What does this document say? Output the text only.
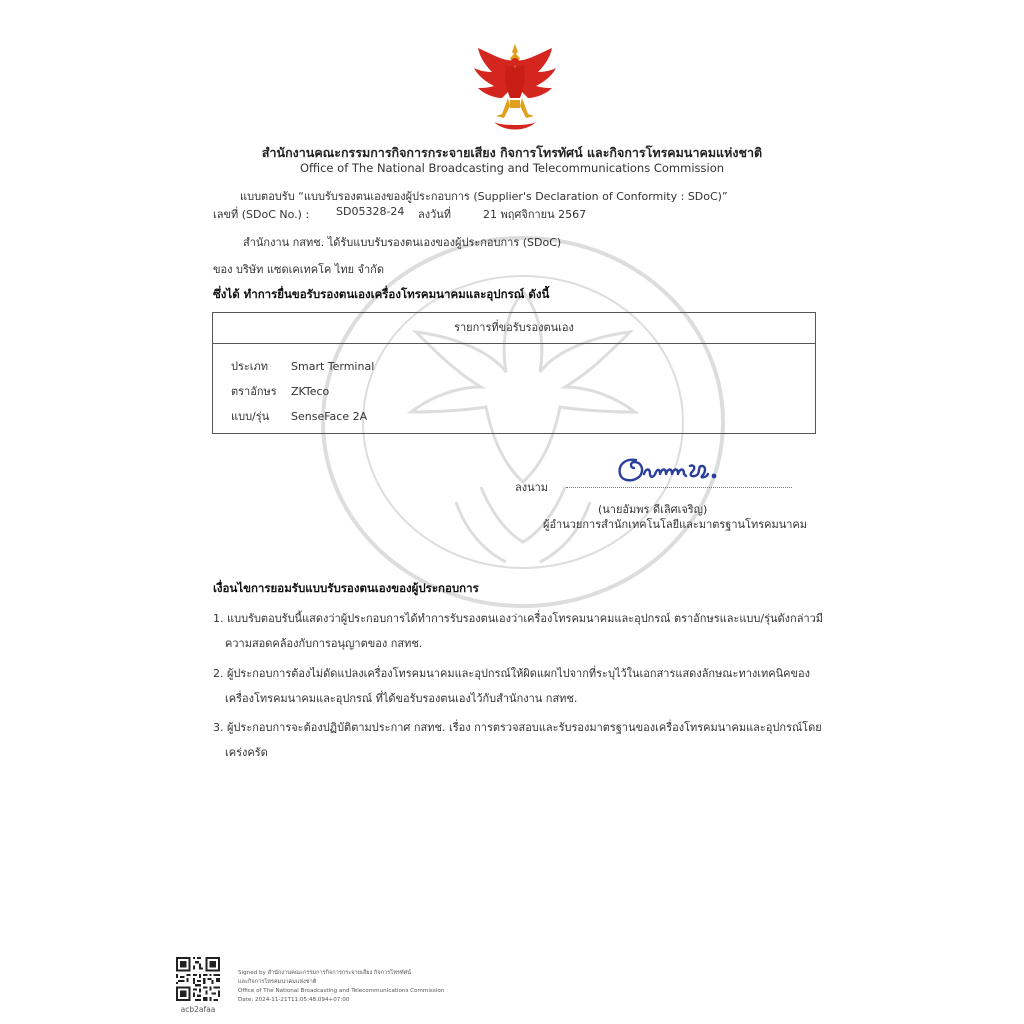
สำนักงานคณะกรรมการกิจการกระจายเสียง กิจการโทรทัศน์ และกิจการโทรคมนาคมแห่งชาติ
Office of The National Broadcasting and Telecommunications Commission
แบบตอบรับ “แบบรับรองตนเองของผู้ประกอบการ (Supplier's Declaration of Conformity : SDoC)”
เลขที่ (SDoC No.) : SD05328-24 ลงวันที่	21 พฤศจิกายน 2567
สำนักงาน กสทช. ได้รับแบบรับรองตนเองของผู้ประกอบการ (SDoC)
ของ บริษัท แซดเคเทคโค ไทย จำกัด
ซึ่งได้ ทำการยื่นขอรับรองตนเองเครื่องโทรคมนาคมและอุปกรณ์ ดังนี้
รายการที่ขอรับรองตนเอง
ประเภท Smart Terminal
ตราอักษร ZKTeco
แบบ/รุ่น SenseFace 2A
ลงนาม
(นายอัมพร ดีเลิศเจริญ)
ผู้อำนวยการสำนักเทคโนโลยีและมาตรฐานโทรคมนาคม
เงื่อนไขการยอมรับแบบรับรองตนเองของผู้ประกอบการ
1. แบบรับตอบรับนี้แสดงว่าผู้ประกอบการได้ทำการรับรองตนเองว่าเครื่องโทรคมนาคมและอุปกรณ์ ตราอักษรและแบบ/รุ่นดังกล่าวมี
ความสอดคล้องกับการอนุญาตของ กสทช.
2. ผู้ประกอบการต้องไม่ดัดแปลงเครื่องโทรคมนาคมและอุปกรณ์ให้ผิดแผกไปจากที่ระบุไว้ในเอกสารแสดงลักษณะทางเทคนิคของ
เครื่องโทรคมนาคมและอุปกรณ์ ที่ได้ขอรับรองตนเองไว้กับสำนักงาน กสทช.
3. ผู้ประกอบการจะต้องปฏิบัติตามประกาศ กสทช. เรื่อง การตรวจสอบและรับรองมาตรฐานของเครื่องโทรคมนาคมและอุปกรณ์โดย
เคร่งครัด
acb2afaa
Signed by สำนักงานคณะกรรมการกิจการกระจายเสียง กิจการโทรทัศน์
และกิจการโทรคมนาคมแห่งชาติ
Office of The National Broadcasting and Telecommunications Commission
Date: 2024-11-21T11:05:48.094+07:00
